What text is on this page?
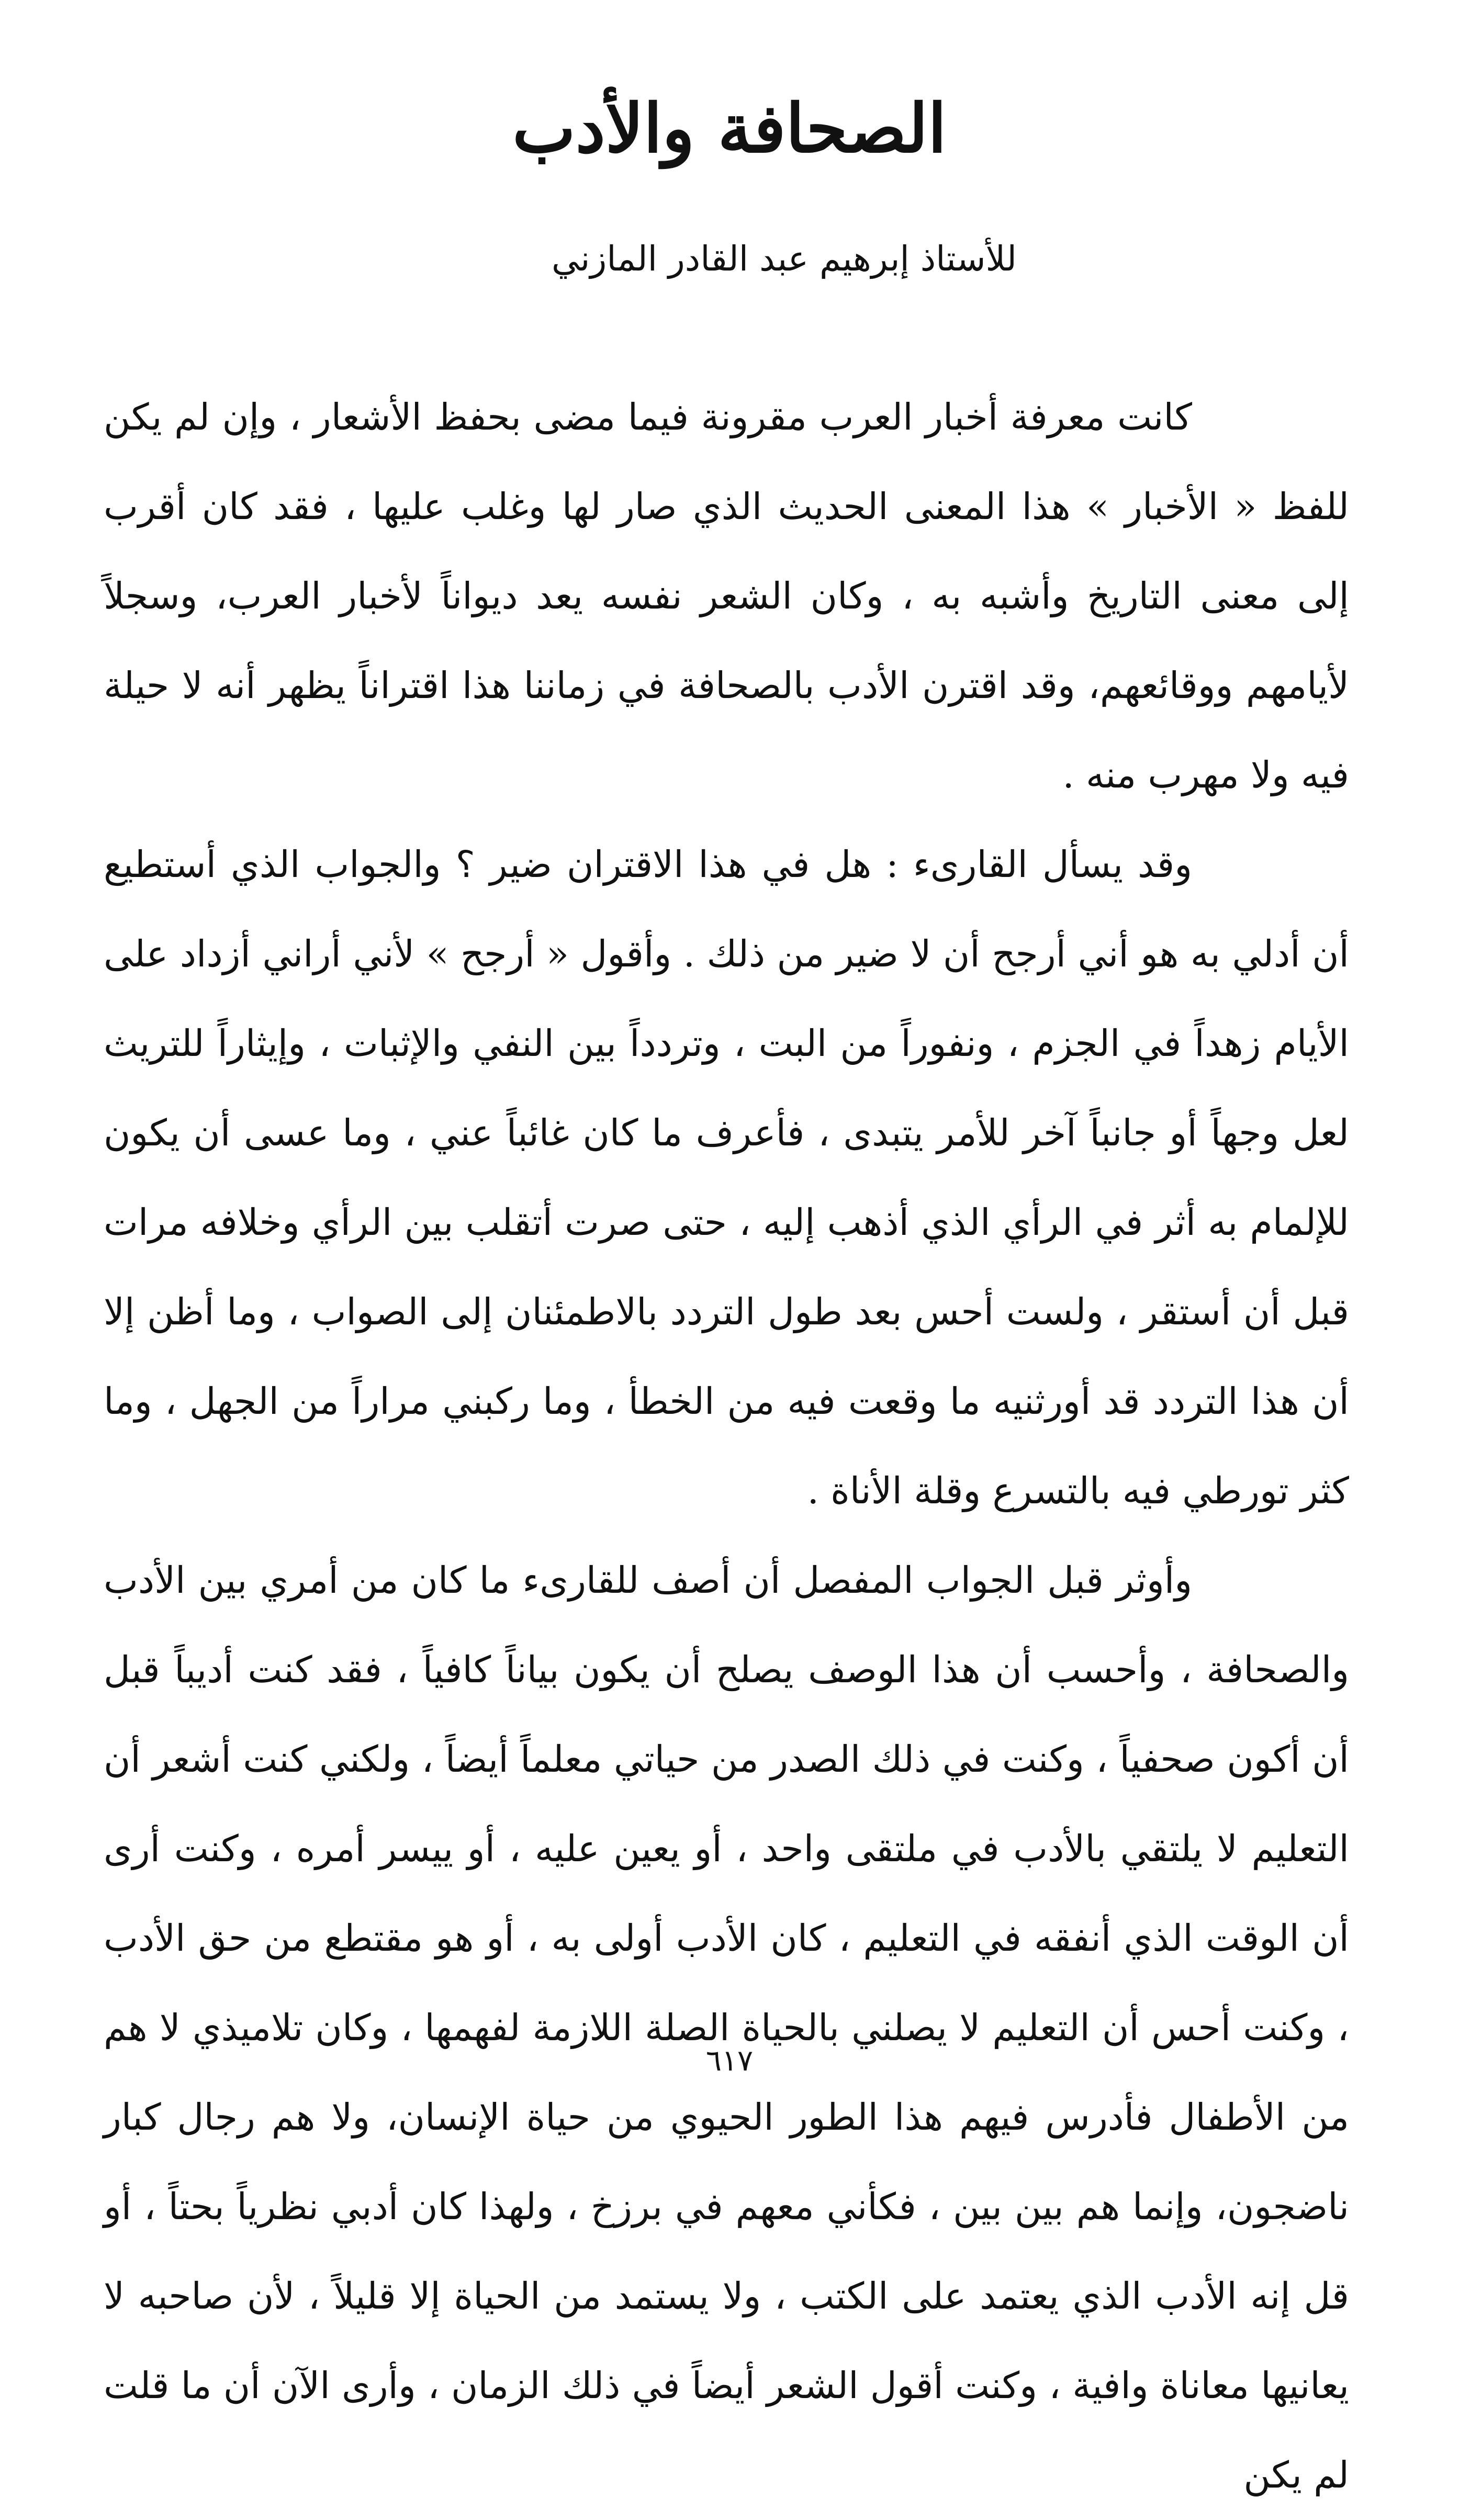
الصحافة والأدب
للأستاذ إبرهيم عبد القادر المازني

كانت معرفة أخبار العرب مقرونة فيما مضى بحفظ الأشعار ، وإن لم يكن للفظ « الأخبار » هذا المعنى الحديث الذي صار لها وغلب عليها ، فقد كان أقرب إلى معنى التاريخ وأشبه به ، وكان الشعر نفسه يعد ديواناً لأخبار العرب، وسجلاً لأيامهم ووقائعهم، وقد اقترن الأدب بالصحافة في زماننا هذا اقتراناً يظهر أنه لا حيلة فيه ولا مهرب منه .

وقد يسأل القارىء : هل في هذا الاقتران ضير ؟ والجواب الذي أستطيع أن أدلي به هو أني أرجح أن لا ضير من ذلك . وأقول « أرجح » لأني أراني أزداد على الأيام زهداً في الجزم ، ونفوراً من البت ، وتردداً بين النفي والإثبات ، وإيثاراً للتريث لعل وجهاً أو جانباً آخر للأمر يتبدى ، فأعرف ما كان غائباً عني ، وما عسى أن يكون للإلمام به أثر في الرأي الذي أذهب إليه ، حتى صرت أتقلب بين الرأي وخلافه مرات قبل أن أستقر ، ولست أحس بعد طول التردد بالاطمئنان إلى الصواب ، وما أظن إلا أن هذا التردد قد أورثنيه ما وقعت فيه من الخطأ ، وما ركبني مراراً من الجهل ، وما كثر تورطي فيه بالتسرع وقلة الأناة .

وأوثر قبل الجواب المفصل أن أصف للقارىء ما كان من أمري بين الأدب والصحافة ، وأحسب أن هذا الوصف يصلح أن يكون بياناً كافياً ، فقد كنت أديباً قبل أن أكون صحفياً ، وكنت في ذلك الصدر من حياتي معلماً أيضاً ، ولكني كنت أشعر أن التعليم لا يلتقي بالأدب في ملتقى واحد ، أو يعين عليه ، أو ييسر أمره ، وكنت أرى أن الوقت الذي أنفقه في التعليم ، كان الأدب أولى به ، أو هو مقتطع من حق الأدب ، وكنت أحس أن التعليم لا يصلني بالحياة الصلة اللازمة لفهمها ، وكان تلاميذي لا هم من الأطفال فأدرس فيهم هذا الطور الحيوي من حياة الإنسان، ولا هم رجال كبار ناضجون، وإنما هم بين بين ، فكأني معهم في برزخ ، ولهذا كان أدبي نظرياً بحتاً ، أو قل إنه الأدب الذي يعتمد على الكتب ، ولا يستمد من الحياة إلا قليلاً ، لأن صاحبه لا يعانيها معاناة وافية ، وكنت أقول الشعر أيضاً في ذلك الزمان ، وأرى الآن أن ما قلت لم يكن

٦١٧
